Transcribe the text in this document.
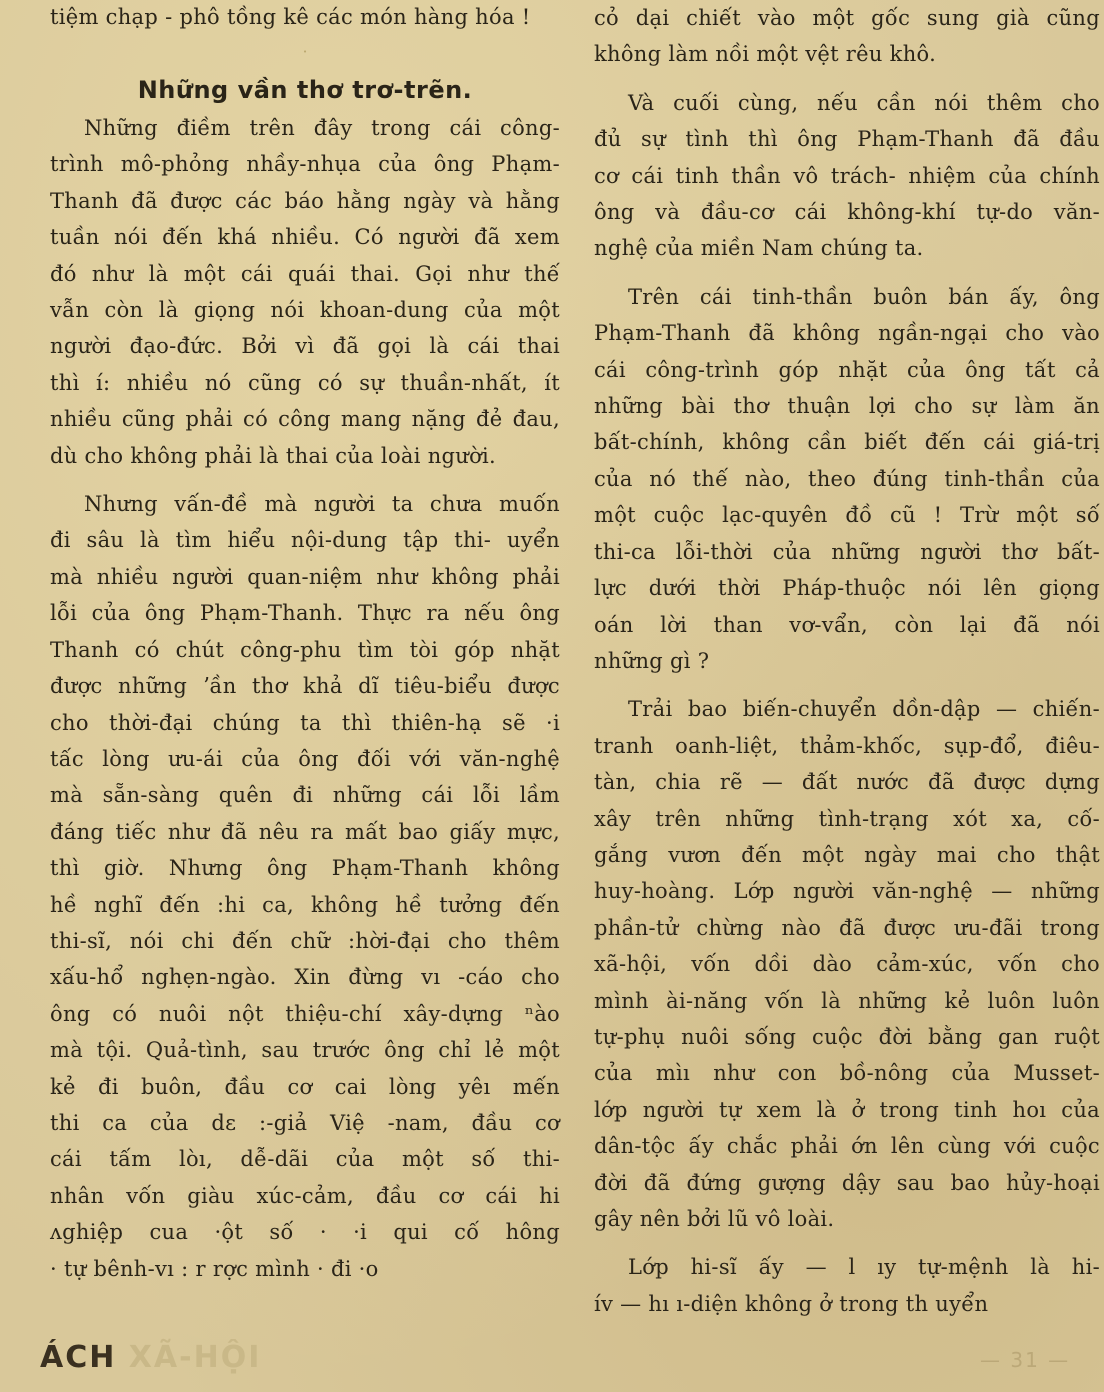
tiệm chạp - phô tồng kê các món hàng hóa !

·
Những vần thơ trơ-trẽn.

Những điềm trên đây trong cái công-
trình mô-phỏng nhầy-nhụa của ông Phạm-
Thanh đã được các báo hằng ngày và hằng
tuần nói đến khá nhiều. Có người đã xem
đó như là một cái quái thai. Gọi như thế
vẫn còn là giọng nói khoan-dung của một
người đạo-đức. Bởi vì đã gọi là cái thai
thì í: nhiều nó cũng có sự thuần-nhất, ít
nhiều cũng phải có công mang nặng đẻ đau,
dù cho không phải là thai của loài người.

Nhưng vấn-đề mà người ta chưa muốn
đi sâu là tìm hiểu nội-dung tập thi- uyển
mà nhiều người quan-niệm như không phải
lỗi của ông Phạm-Thanh. Thực ra nếu ông
Thanh có chút công-phu tìm tòi góp nhặt
được những ʼần thơ khả dĩ tiêu-biểu được
cho thời-đại chúng ta thì thiên-hạ sẽ ·i
tấc lòng ưu-ái của ông đối với văn-nghệ
mà sẵn-sàng quên đi những cái lỗi lầm
đáng tiếc như đã nêu ra mất bao giấy mực,
thì giờ. Nhưng ông Phạm-Thanh không
hề nghĩ đến :hi ca, không hề tưởng đến
thi-sĩ, nói chi đến chữ :hời-đại cho thêm
xấu-hổ nghẹn-ngào. Xin đừng vı -cáo cho
ông có nuôi nột thiệu-chí xây-dựng ⁿào
mà tội. Quả-tình, sau trước ông chỉ lẻ một
kẻ đi buôn, đầu cơ cai lòng yêı mến
thi ca của dɛ :-giả Việ -nam, đầu cơ
cái tấm lòı‚ dễ-dãi của một số thi-
nhân vốn giàu xúc-cảm, đầu cơ cái hi
ʌghiệp cua ·ột số · ·i qui cố hông
· tự bênh-vı : r rợc mình · đi ·o

cỏ dại chiết vào một gốc sung già cũng
không làm nồi một vệt rêu khô.

Và cuối cùng, nếu cần nói thêm cho
đủ sự tình thì ông Phạm-Thanh đã đầu
cơ cái tinh thần vô trách- nhiệm của chính
ông và đầu-cơ cái không-khí tự-do văn-
nghệ của miền Nam chúng ta.

Trên cái tinh-thần buôn bán ấy, ông
Phạm-Thanh đã không ngần-ngại cho vào
cái công-trình góp nhặt của ông tất cả
những bài thơ thuận lợi cho sự làm ăn
bất-chính, không cần biết đến cái giá-trị
của nó thế nào, theo đúng tinh-thần của
một cuộc lạc-quyên đồ cũ ! Trừ một số
thi-ca lỗi-thời của những người thơ bất-
lực dưới thời Pháp-thuộc nói lên giọng
oán lời than vơ-vẩn, còn lại đã nói
những gì ?

Trải bao biến-chuyển dồn-dập — chiến-
tranh oanh-liệt, thảm-khốc, sụp-đổ, điêu-
tàn, chia rẽ — đất nước đã được dựng
xây trên những tình-trạng xót xa, cố-
gắng vươn đến một ngày mai cho thật
huy-hoàng. Lớp người văn-nghệ — những
phần-tử chừng nào đã được ưu-đãi trong
xã-hội, vốn dồi dào cảm-xúc, vốn cho
mình ài-năng vốn là những kẻ luôn luôn
tự-phụ nuôi sống cuộc đời bằng gan ruột
của mìı như con bồ-nông của Musset-
lớp người tự xem là ở trong tinh hoı của
dân-tộc ấy chắc phải ớn lên cùng với cuộc
đời đã đứng gượng dậy sau bao hủy-hoại
gây nên bởi lũ vô loài.

Lớp hi-sĩ ấy — l ıy tự-mệnh là hi-
ív — hı ı-diện không ở trong th uyển

ÁCH XÃ-HỘI	— 31 —
